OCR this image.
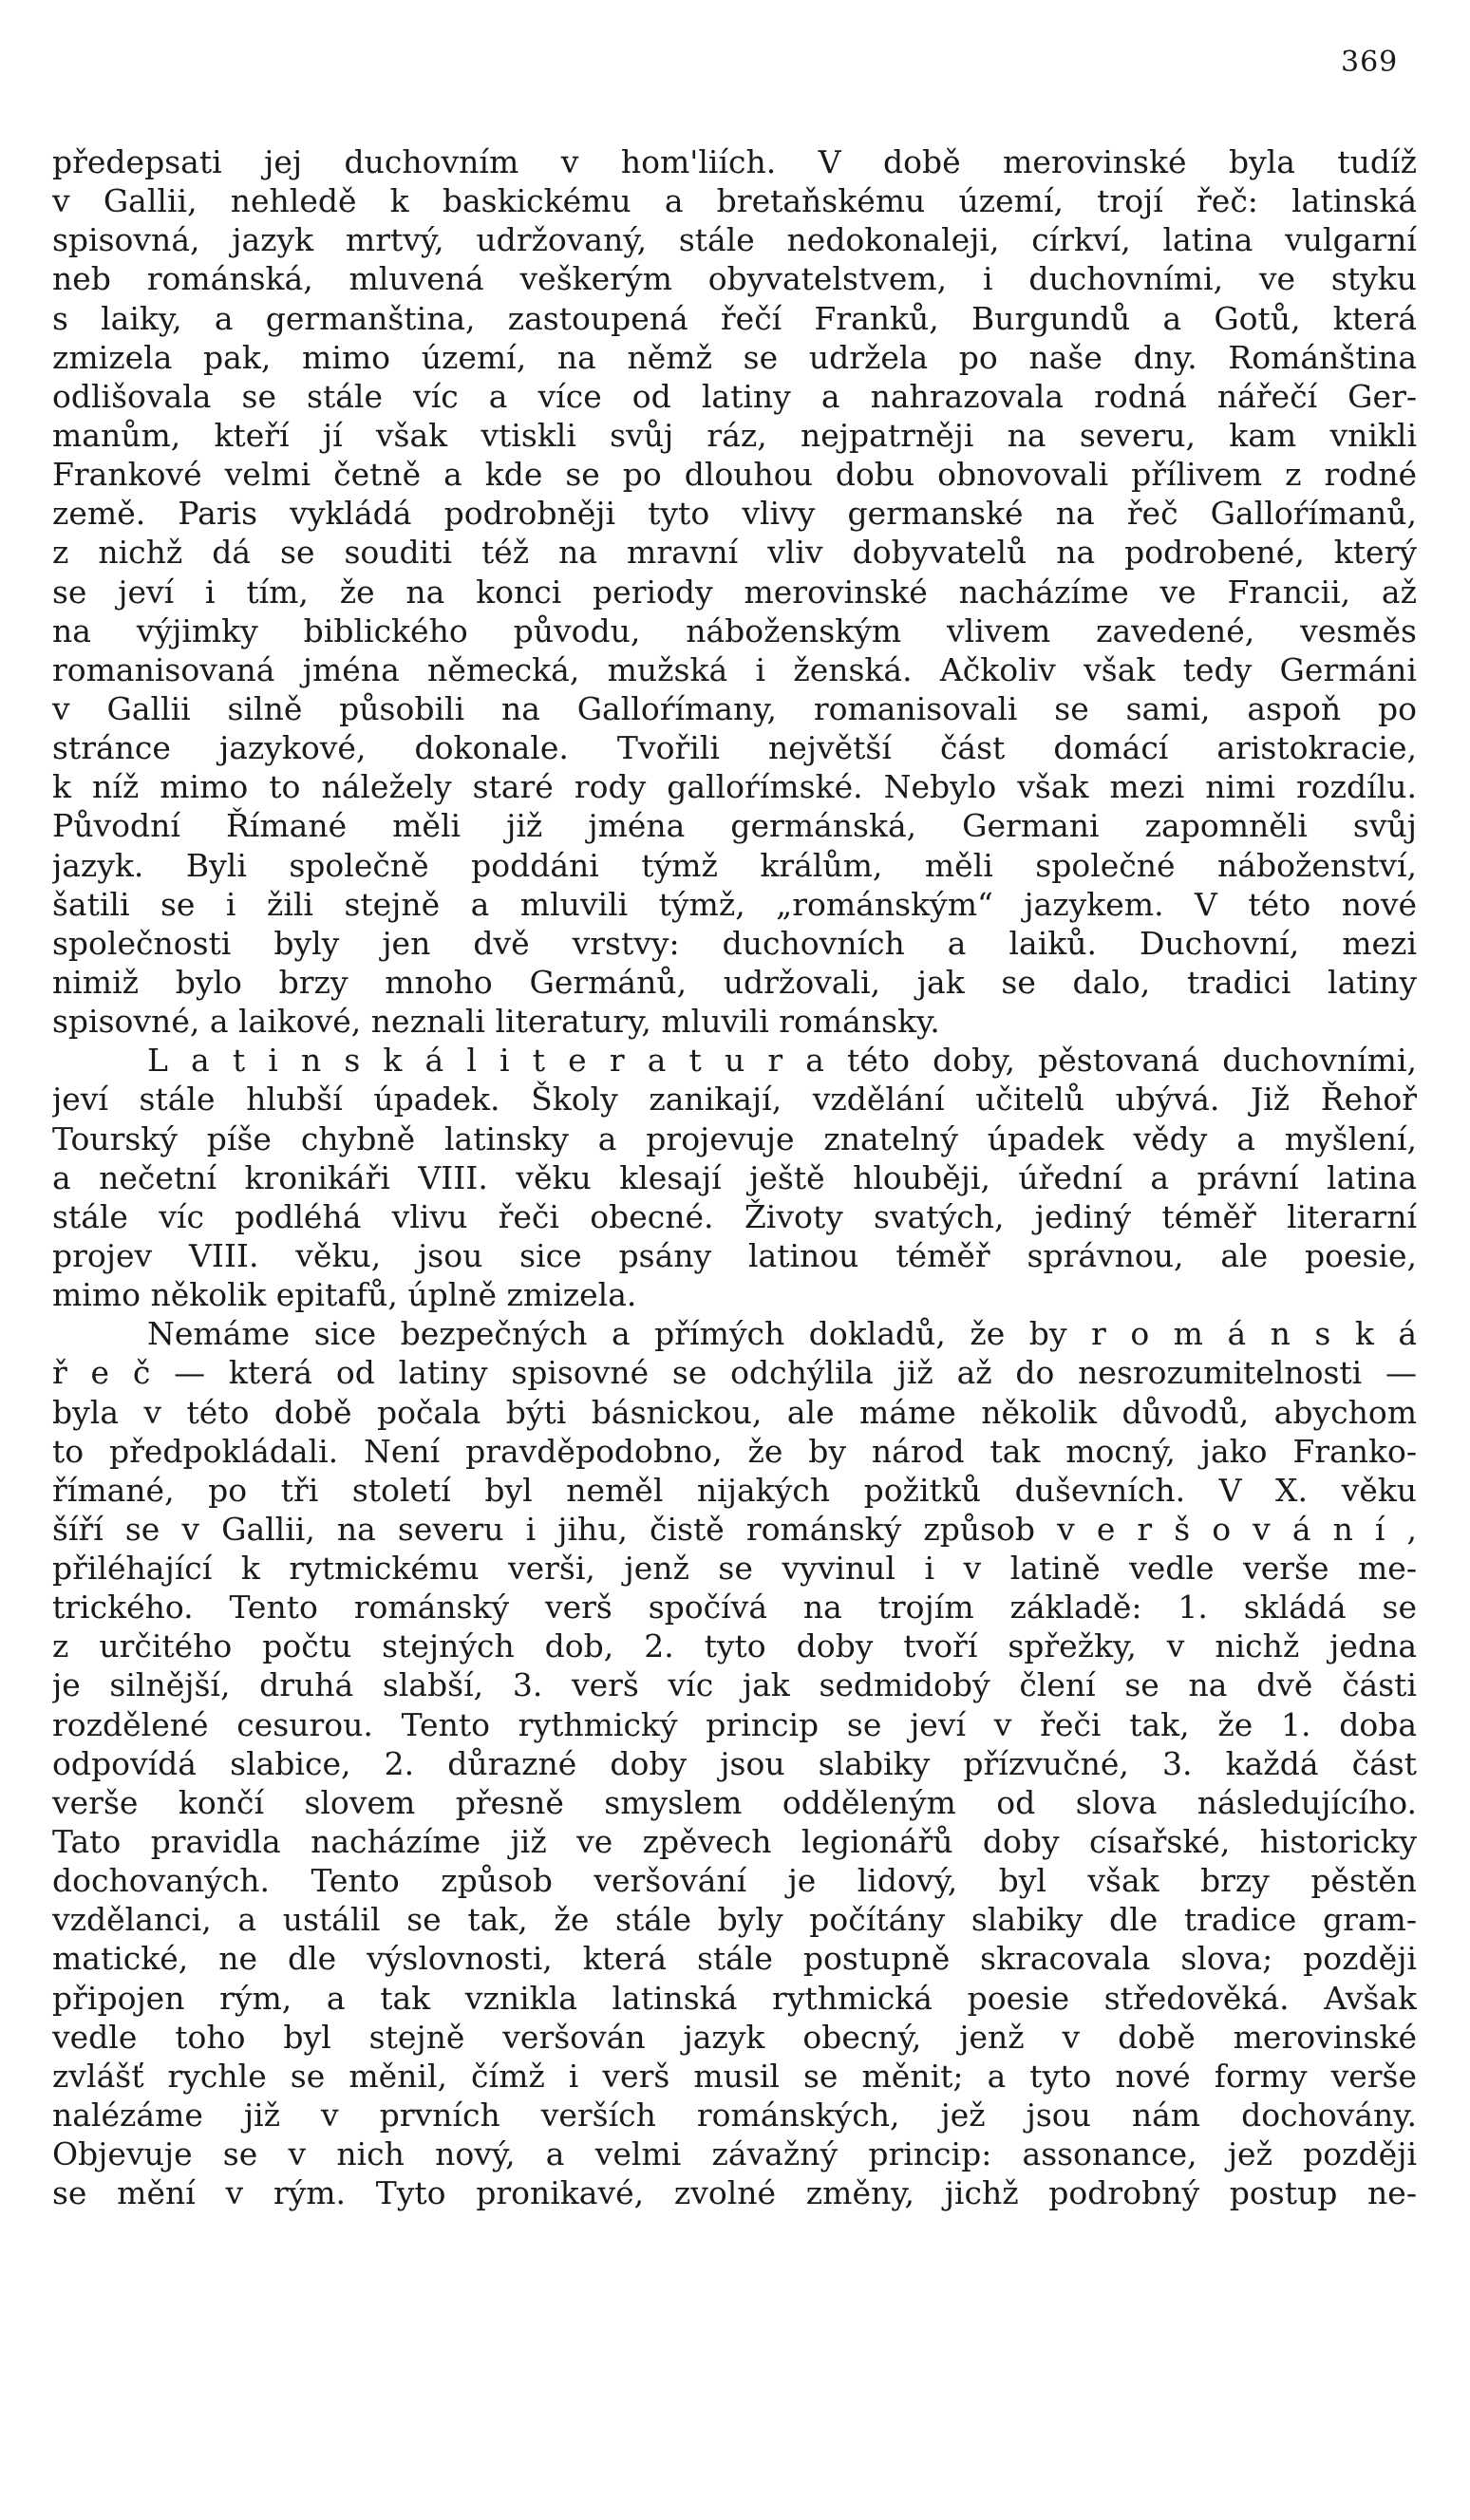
369
předepsati jej duchovním v hom'liích. V době merovinské byla tudíž
v Gallii, nehledě k baskickému a bretaňskému území, trojí řeč: latinská
spisovná, jazyk mrtvý, udržovaný, stále nedokonaleji, církví, latina vulgarní
neb románská, mluvená veškerým obyvatelstvem, i duchovními, ve styku
s laiky, a germanština, zastoupená řečí Franků, Burgundů a Gotů, která
zmizela pak, mimo území, na němž se udržela po naše dny. Románština
odlišovala se stále víc a více od latiny a nahrazovala rodná nářečí Ger-
manům, kteří jí však vtiskli svůj ráz, nejpatrněji na severu, kam vnikli
Frankové velmi četně a kde se po dlouhou dobu obnovovali přílivem z rodné
země. Paris vykládá podrobněji tyto vlivy germanské na řeč Galloŕímanů,
z nichž dá se souditi též na mravní vliv dobyvatelů na podrobené, který
se jeví i tím, že na konci periody merovinské nacházíme ve Francii, až
na výjimky biblického původu, náboženským vlivem zavedené, vesměs
romanisovaná jména německá, mužská i ženská. Ačkoliv však tedy Germáni
v Gallii silně působili na Galloŕímany, romanisovali se sami, aspoň po
stránce jazykové, dokonale. Tvořili největší část domácí aristokracie,
k níž mimo to náležely staré rody galloŕímské. Nebylo však mezi nimi rozdílu.
Původní Římané měli již jména germánská, Germani zapomněli svůj
jazyk. Byli společně poddáni týmž králům, měli společné náboženství,
šatili se i žili stejně a mluvili týmž, „románským“ jazykem. V této nové
společnosti byly jen dvě vrstvy: duchovních a laiků. Duchovní, mezi
nimiž bylo brzy mnoho Germánů, udržovali, jak se dalo, tradici latiny
spisovné, a laikové, neznali literatury, mluvili románsky.
L a t i n s k á l i t e r a t u r a této doby, pěstovaná duchovními,
jeví stále hlubší úpadek. Školy zanikají, vzdělání učitelů ubývá. Již Řehoř
Tourský píše chybně latinsky a projevuje znatelný úpadek vědy a myšlení,
a nečetní kronikáři VIII. věku klesají ještě hlouběji, úřední a právní latina
stále víc podléhá vlivu řeči obecné. Životy svatých, jediný téměř literarní
projev VIII. věku, jsou sice psány latinou téměř správnou, ale poesie,
mimo několik epitafů, úplně zmizela.
Nemáme sice bezpečných a přímých dokladů, že by r o m á n s k á
ř e č — která od latiny spisovné se odchýlila již až do nesrozumitelnosti —
byla v této době počala býti básnickou, ale máme několik důvodů, abychom
to předpokládali. Není pravděpodobno, že by národ tak mocný, jako Franko-
římané, po tři století byl neměl nijakých požitků duševních. V X. věku
šíří se v Gallii, na severu i jihu, čistě románský způsob v e r š o v á n í ,
přiléhající k rytmickému verši, jenž se vyvinul i v latině vedle verše me-
trického. Tento románský verš spočívá na trojím základě: 1. skládá se
z určitého počtu stejných dob, 2. tyto doby tvoří spřežky, v nichž jedna
je silnější, druhá slabší, 3. verš víc jak sedmidobý člení se na dvě části
rozdělené cesurou. Tento rythmický princip se jeví v řeči tak, že 1. doba
odpovídá slabice, 2. důrazné doby jsou slabiky přízvučné, 3. každá část
verše končí slovem přesně smyslem odděleným od slova následujícího.
Tato pravidla nacházíme již ve zpěvech legionářů doby císařské, historicky
dochovaných. Tento způsob veršování je lidový, byl však brzy pěstěn
vzdělanci, a ustálil se tak, že stále byly počítány slabiky dle tradice gram-
matické, ne dle výslovnosti, která stále postupně skracovala slova; později
připojen rým, a tak vznikla latinská rythmická poesie středověká. Avšak
vedle toho byl stejně veršován jazyk obecný, jenž v době merovinské
zvlášť rychle se měnil, čímž i verš musil se měnit; a tyto nové formy verše
nalézáme již v prvních verších románských, jež jsou nám dochovány.
Objevuje se v nich nový, a velmi závažný princip: assonance, jež později
se mění v rým. Tyto pronikavé, zvolné změny, jichž podrobný postup ne-
